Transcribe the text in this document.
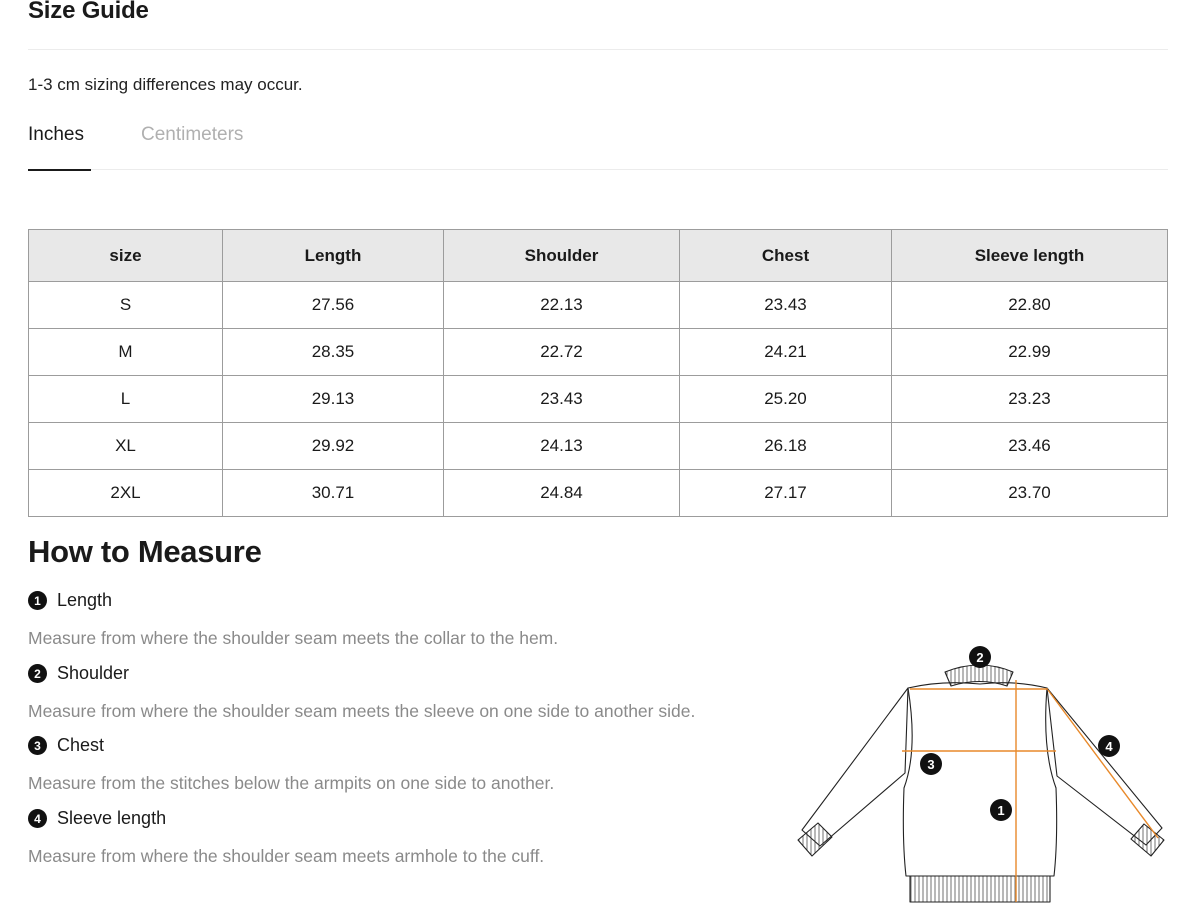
Size Guide
1-3 cm sizing differences may occur.
Inches	Centimeters
size	Length	Shoulder	Chest	Sleeve length
S	27.56	22.13	23.43	22.80
M	28.35	22.72	24.21	22.99
L	29.13	23.43	25.20	23.23
XL	29.92	24.13	26.18	23.46
2XL	30.71	24.84	27.17	23.70
How to Measure
1 Length
Measure from where the shoulder seam meets the collar to the hem.
2 Shoulder
Measure from where the shoulder seam meets the sleeve on one side to another side.
3 Chest
Measure from the stitches below the armpits on one side to another.
4 Sleeve length
Measure from where the shoulder seam meets armhole to the cuff.
2
4
3
1
